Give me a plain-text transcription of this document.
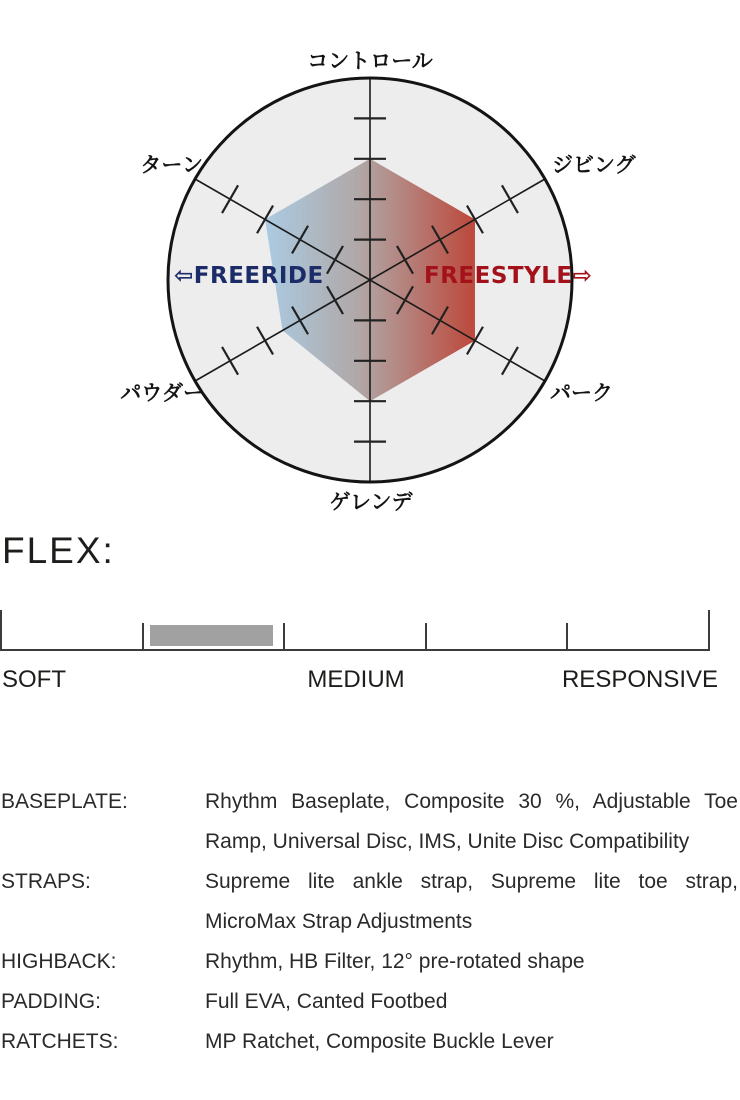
コントロール
ジビング
パーク
ゲレンデ
パウダー
ターン
⇦FREERIDE	FREESTYLE⇨
FLEX:
SOFT	MEDIUM	RESPONSIVE
BASEPLATE:	Rhythm Baseplate, Composite 30 %, Adjustable Toe Ramp, Universal Disc, IMS, Unite Disc Compatibility
STRAPS:	Supreme lite ankle strap, Supreme lite toe strap, MicroMax Strap Adjustments
HIGHBACK:	Rhythm, HB Filter, 12° pre-rotated shape
PADDING:	Full EVA, Canted Footbed
RATCHETS:	MP Ratchet, Composite Buckle Lever
